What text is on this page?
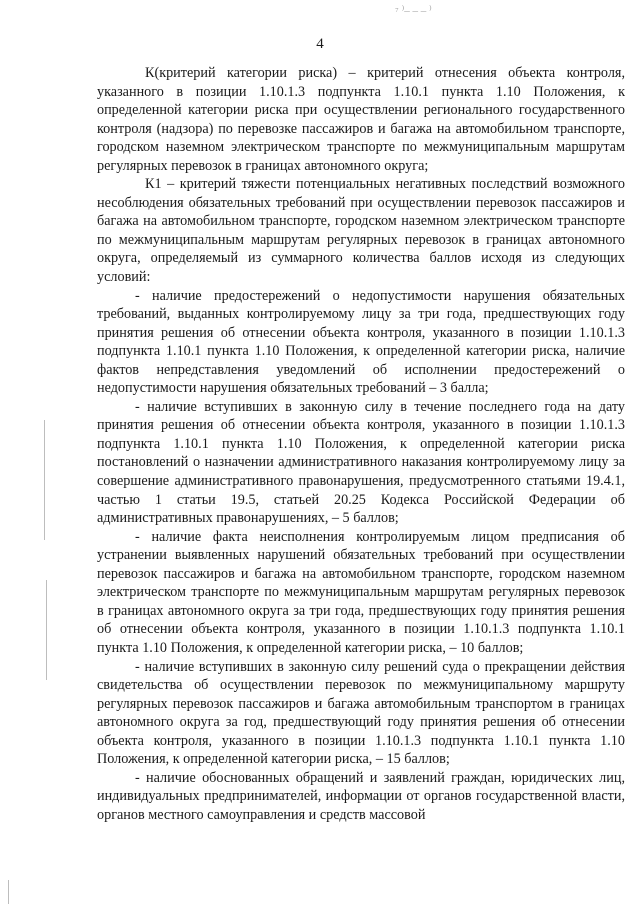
₇ ₎_ _ _ ₎
4

К(критерий категории риска) – критерий отнесения объекта контроля, указанного в позиции 1.10.1.3 подпункта 1.10.1 пункта 1.10 Положения, к определенной категории риска при осуществлении регионального государственного контроля (надзора) по перевозке пассажиров и багажа на автомобильном транспорте, городском наземном электрическом транспорте по межмуниципальным маршрутам регулярных перевозок в границах автономного округа;

К1 – критерий тяжести потенциальных негативных последствий возможного несоблюдения обязательных требований при осуществлении перевозок пассажиров и багажа на автомобильном транспорте, городском наземном электрическом транспорте по межмуниципальным маршрутам регулярных перевозок в границах автономного округа, определяемый из суммарного количества баллов исходя из следующих условий:

- наличие предостережений о недопустимости нарушения обязательных требований, выданных контролируемому лицу за три года, предшествующих году принятия решения об отнесении объекта контроля, указанного в позиции 1.10.1.3 подпункта 1.10.1 пункта 1.10 Положения, к определенной категории риска, наличие фактов непредставления уведомлений об исполнении предостережений о недопустимости нарушения обязательных требований – 3 балла;

- наличие вступивших в законную силу в течение последнего года на дату принятия решения об отнесении объекта контроля, указанного в позиции 1.10.1.3 подпункта 1.10.1 пункта 1.10 Положения, к определенной категории риска постановлений о назначении административного наказания контролируемому лицу за совершение административного правонарушения, предусмотренного статьями 19.4.1, частью 1 статьи 19.5, статьей 20.25 Кодекса Российской Федерации об административных правонарушениях, – 5 баллов;

- наличие факта неисполнения контролируемым лицом предписания об устранении выявленных нарушений обязательных требований при осуществлении перевозок пассажиров и багажа на автомобильном транспорте, городском наземном электрическом транспорте по межмуниципальным маршрутам регулярных перевозок в границах автономного округа за три года, предшествующих году принятия решения об отнесении объекта контроля, указанного в позиции 1.10.1.3 подпункта 1.10.1 пункта 1.10 Положения, к определенной категории риска, – 10 баллов;

- наличие вступивших в законную силу решений суда о прекращении действия свидетельства об осуществлении перевозок по межмуниципальному маршруту регулярных перевозок пассажиров и багажа автомобильным транспортом в границах автономного округа за год, предшествующий году принятия решения об отнесении объекта контроля, указанного в позиции 1.10.1.3 подпункта 1.10.1 пункта 1.10 Положения, к определенной категории риска, – 15 баллов;

- наличие обоснованных обращений и заявлений граждан, юридических лиц, индивидуальных предпринимателей, информации от органов государственной власти, органов местного самоуправления и средств массовой
